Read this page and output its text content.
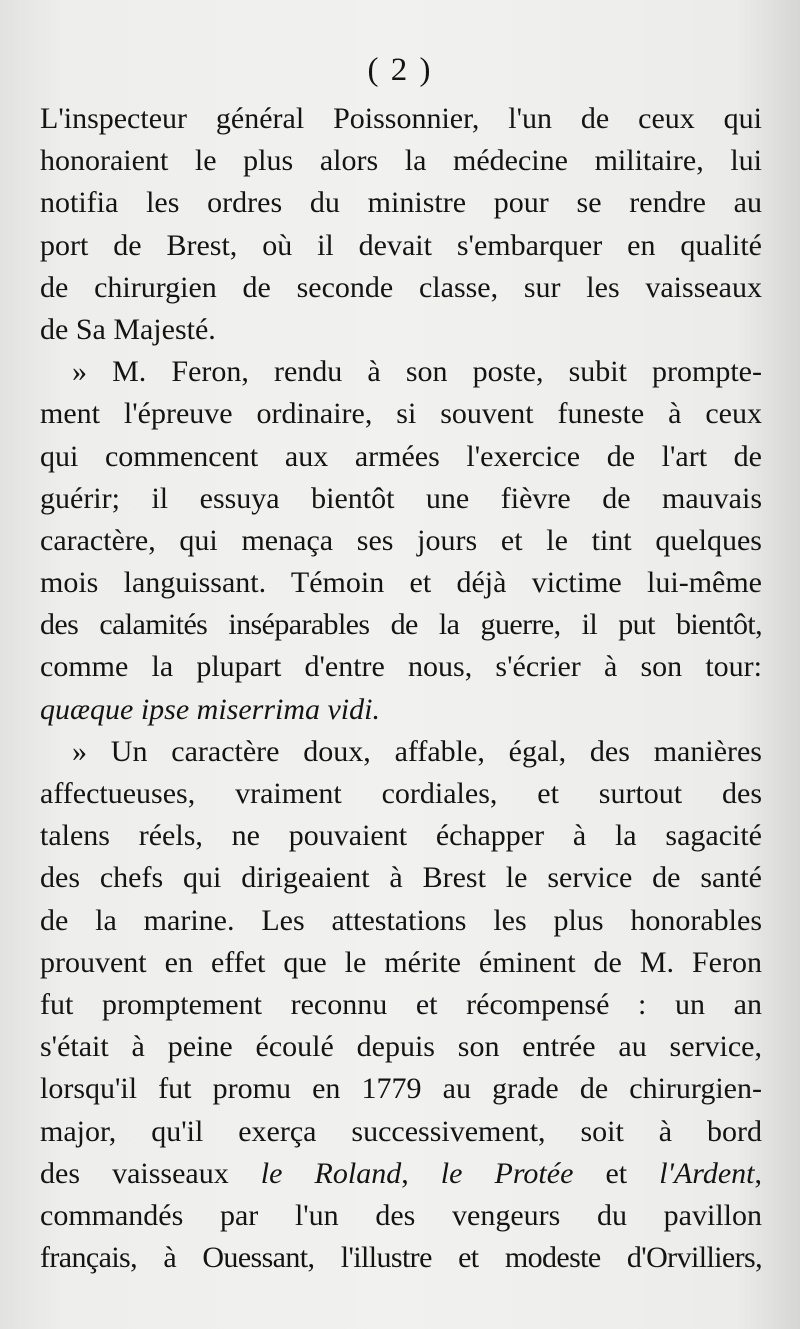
( 2 )
L'inspecteur général Poissonnier, l'un de ceux qui
honoraient le plus alors la médecine militaire, lui
notifia les ordres du ministre pour se rendre au
port de Brest, où il devait s'embarquer en qualité
de chirurgien de seconde classe, sur les vaisseaux
de Sa Majesté.
» M. Feron, rendu à son poste, subit prompte-
ment l'épreuve ordinaire, si souvent funeste à ceux
qui commencent aux armées l'exercice de l'art de
guérir; il essuya bientôt une fièvre de mauvais
caractère, qui menaça ses jours et le tint quelques
mois languissant. Témoin et déjà victime lui-même
des calamités inséparables de la guerre, il put bientôt,
comme la plupart d'entre nous, s'écrier à son tour:
quæque ipse miserrima vidi.
» Un caractère doux, affable, égal, des manières
affectueuses, vraiment cordiales, et surtout des
talens réels, ne pouvaient échapper à la sagacité
des chefs qui dirigeaient à Brest le service de santé
de la marine. Les attestations les plus honorables
prouvent en effet que le mérite éminent de M. Feron
fut promptement reconnu et récompensé : un an
s'était à peine écoulé depuis son entrée au service,
lorsqu'il fut promu en 1779 au grade de chirurgien-
major, qu'il exerça successivement, soit à bord
des vaisseaux le Roland, le Protée et l'Ardent,
commandés par l'un des vengeurs du pavillon
français, à Ouessant, l'illustre et modeste d'Orvilliers,
